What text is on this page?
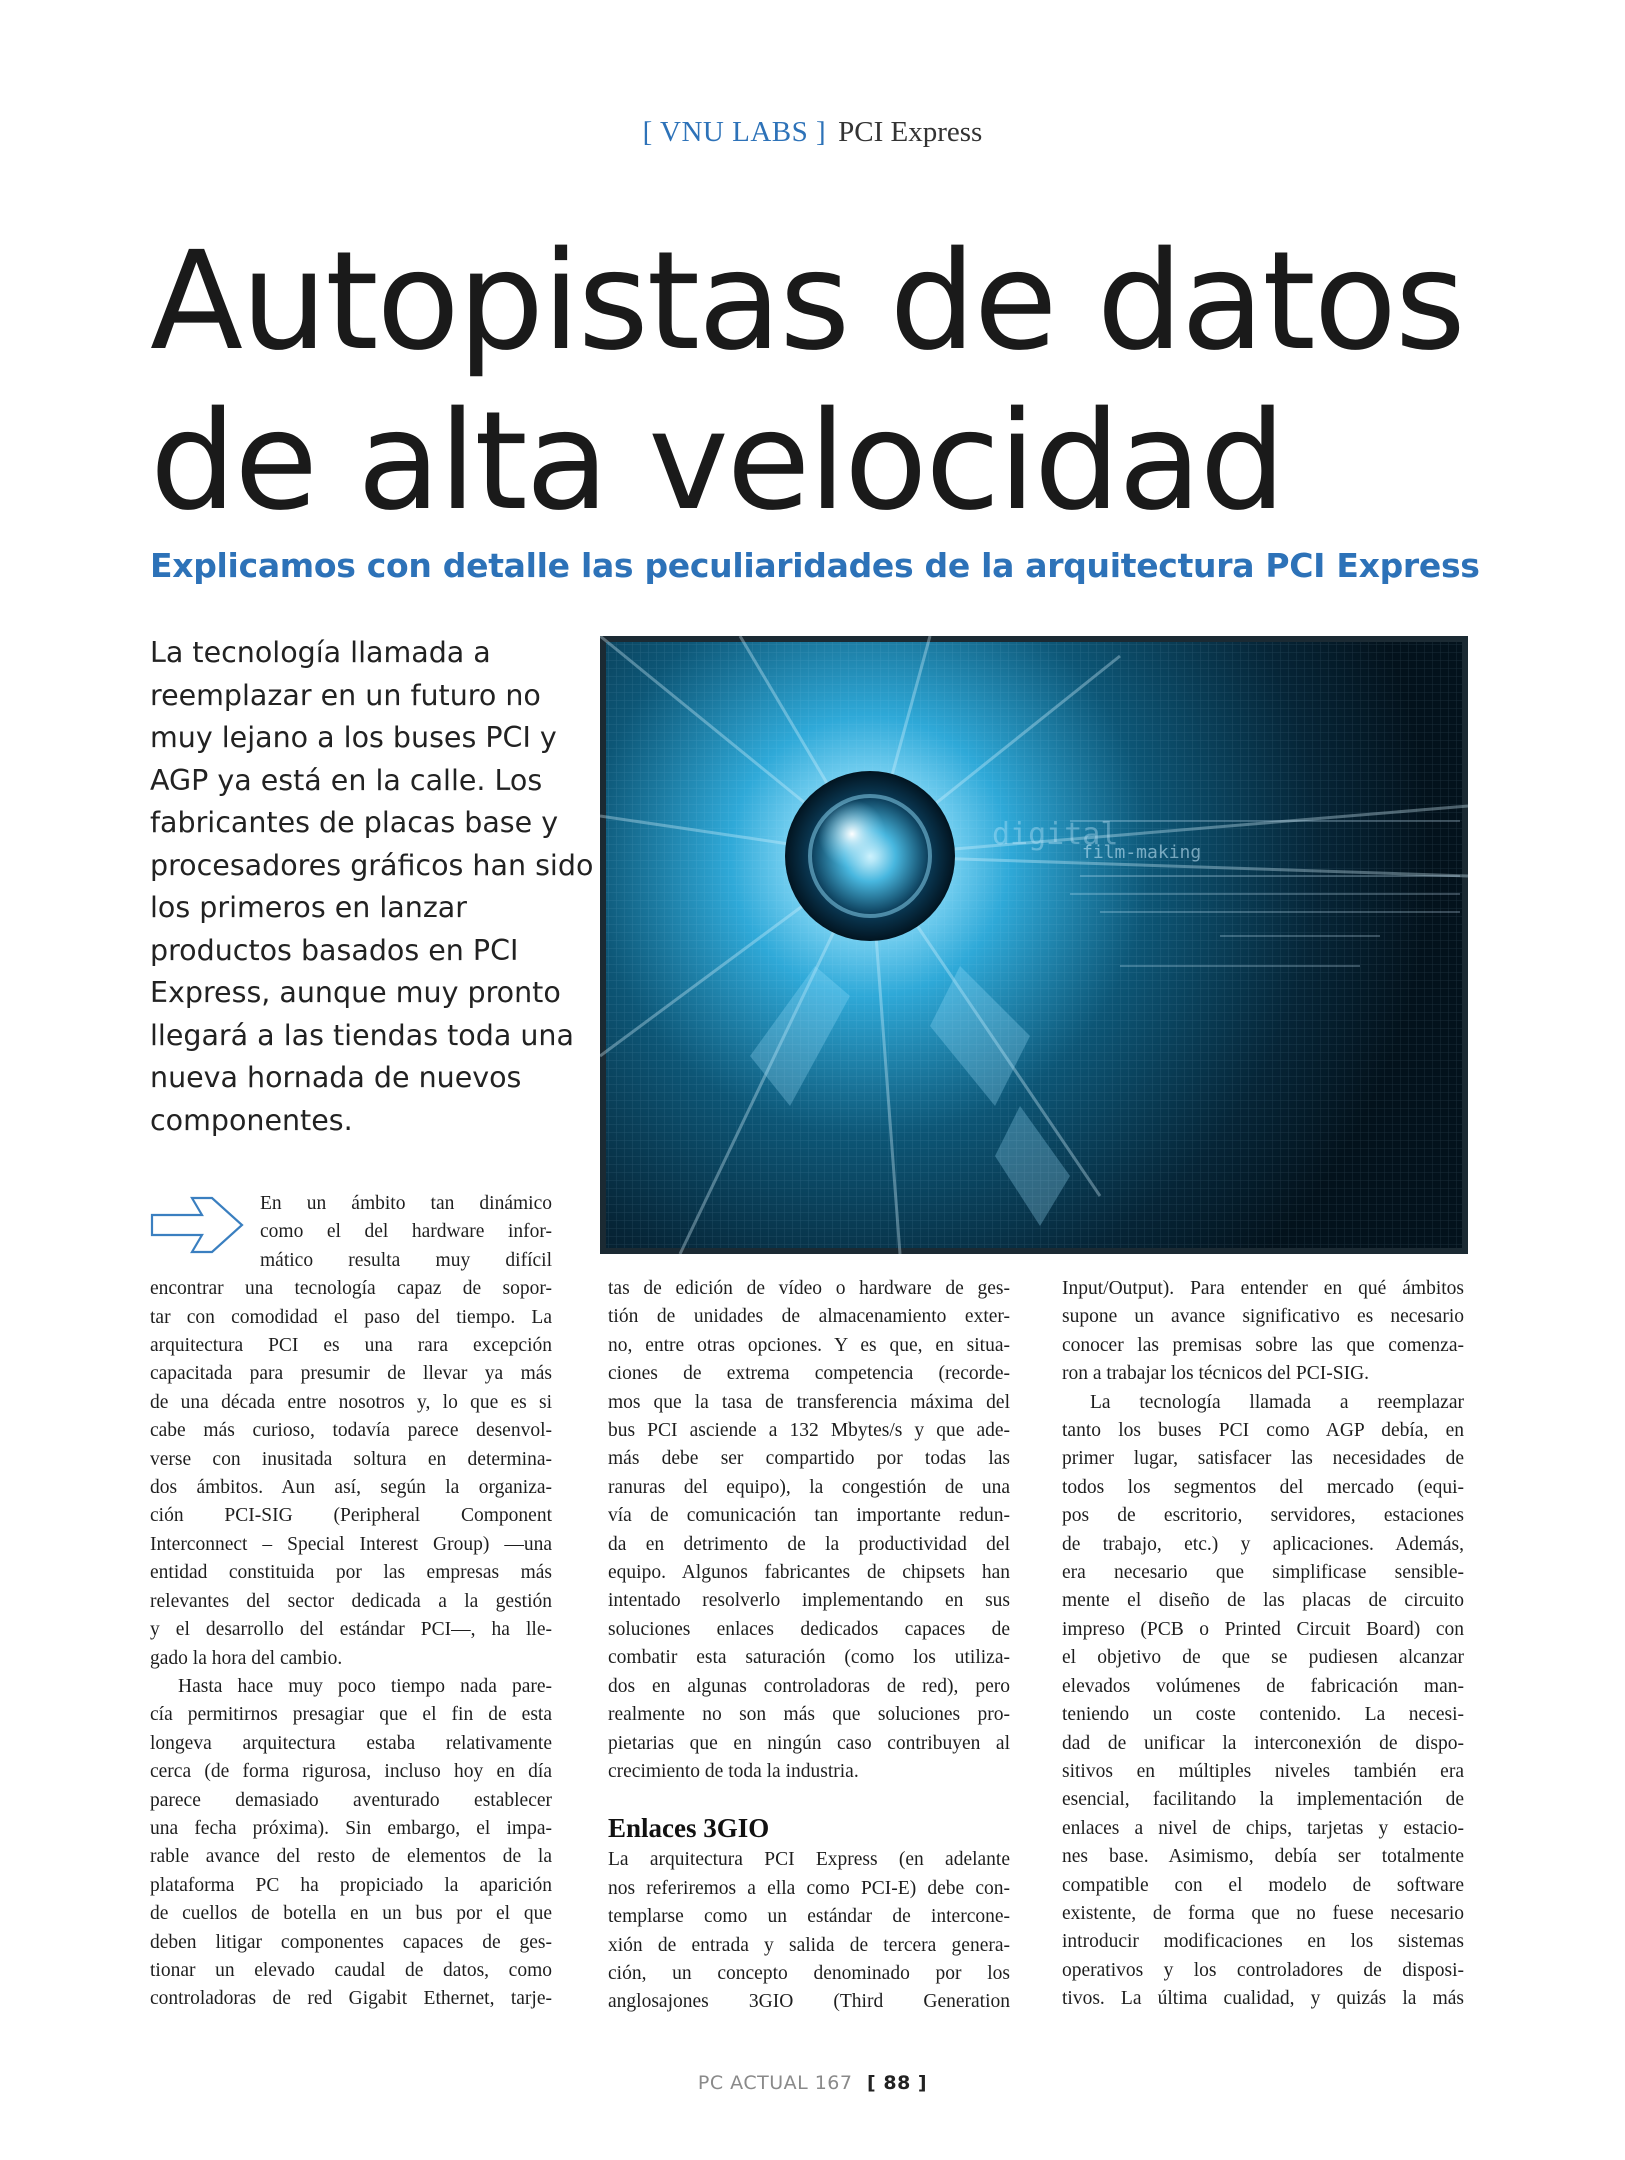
[ VNU LABS ] PCI Express
Autopistas de datos
de alta velocidad
Explicamos con detalle las peculiaridades de la arquitectura PCI Express
La tecnología llamada a
reemplazar en un futuro no
muy lejano a los buses PCI y
AGP ya está en la calle. Los
fabricantes de placas base y
procesadores gráficos han sido
los primeros en lanzar
productos basados en PCI
Express, aunque muy pronto
llegará a las tiendas toda una
nueva hornada de nuevos
componentes.
digital
film-making

En un ámbito tan dinámico

como el del hardware infor-

mático resulta muy difícil

encontrar una tecnología capaz de sopor-

tar con comodidad el paso del tiempo. La

arquitectura PCI es una rara excepción

capacitada para presumir de llevar ya más

de una década entre nosotros y, lo que es si

cabe más curioso, todavía parece desenvol-

verse con inusitada soltura en determina-

dos ámbitos. Aun así, según la organiza-

ción PCI-SIG (Peripheral Component

Interconnect – Special Interest Group) —una

entidad constituida por las empresas más

relevantes del sector dedicada a la gestión

y el desarrollo del estándar PCI—, ha lle-

gado la hora del cambio.

Hasta hace muy poco tiempo nada pare-

cía permitirnos presagiar que el fin de esta

longeva arquitectura estaba relativamente

cerca (de forma rigurosa, incluso hoy en día

parece demasiado aventurado establecer

una fecha próxima). Sin embargo, el impa-

rable avance del resto de elementos de la

plataforma PC ha propiciado la aparición

de cuellos de botella en un bus por el que

deben litigar componentes capaces de ges-

tionar un elevado caudal de datos, como

controladoras de red Gigabit Ethernet, tarje-

tas de edición de vídeo o hardware de ges-

tión de unidades de almacenamiento exter-

no, entre otras opciones. Y es que, en situa-

ciones de extrema competencia (recorde-

mos que la tasa de transferencia máxima del

bus PCI asciende a 132 Mbytes/s y que ade-

más debe ser compartido por todas las

ranuras del equipo), la congestión de una

vía de comunicación tan importante redun-

da en detrimento de la productividad del

equipo. Algunos fabricantes de chipsets han

intentado resolverlo implementando en sus

soluciones enlaces dedicados capaces de

combatir esta saturación (como los utiliza-

dos en algunas controladoras de red), pero

realmente no son más que soluciones pro-

pietarias que en ningún caso contribuyen al

crecimiento de toda la industria.

Enlaces 3GIO

La arquitectura PCI Express (en adelante

nos referiremos a ella como PCI-E) debe con-

templarse como un estándar de intercone-

xión de entrada y salida de tercera genera-

ción, un concepto denominado por los

anglosajones 3GIO (Third Generation

Input/Output). Para entender en qué ámbitos

supone un avance significativo es necesario

conocer las premisas sobre las que comenza-

ron a trabajar los técnicos del PCI-SIG.

La tecnología llamada a reemplazar

tanto los buses PCI como AGP debía, en

primer lugar, satisfacer las necesidades de

todos los segmentos del mercado (equi-

pos de escritorio, servidores, estaciones

de trabajo, etc.) y aplicaciones. Además,

era necesario que simplificase sensible-

mente el diseño de las placas de circuito

impreso (PCB o Printed Circuit Board) con

el objetivo de que se pudiesen alcanzar

elevados volúmenes de fabricación man-

teniendo un coste contenido. La necesi-

dad de unificar la interconexión de dispo-

sitivos en múltiples niveles también era

esencial, facilitando la implementación de

enlaces a nivel de chips, tarjetas y estacio-

nes base. Asimismo, debía ser totalmente

compatible con el modelo de software

existente, de forma que no fuese necesario

introducir modificaciones en los sistemas

operativos y los controladores de disposi-

tivos. La última cualidad, y quizás la más

PC ACTUAL 167 [ 88 ]
